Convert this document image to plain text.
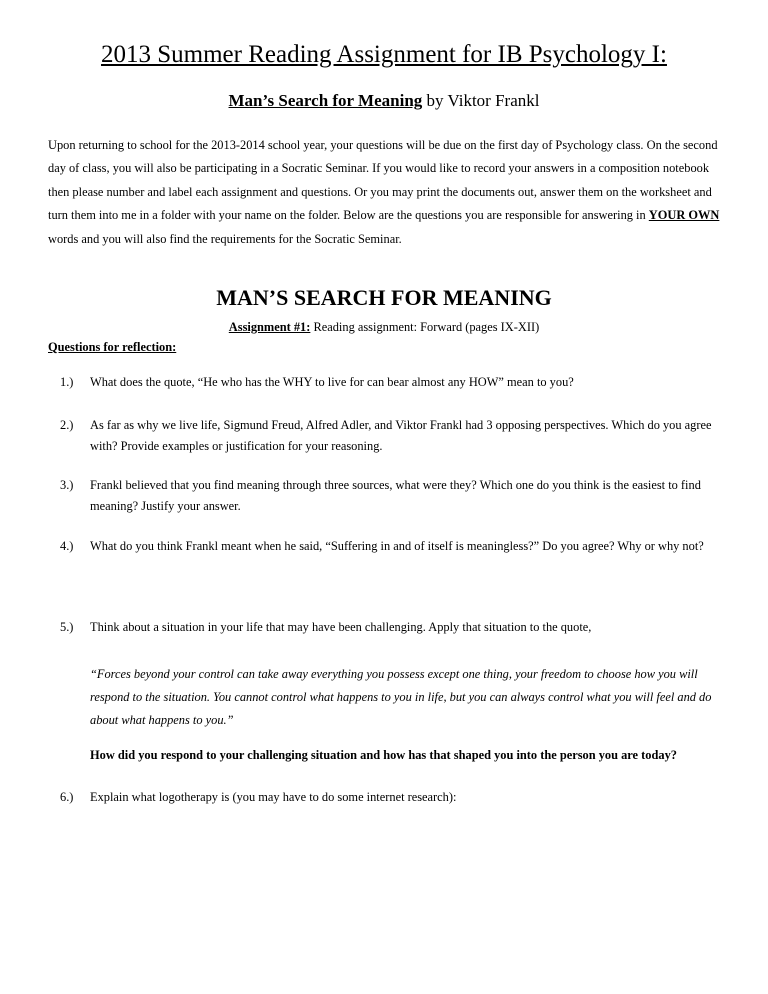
2013 Summer Reading Assignment for IB Psychology I:
Man’s Search for Meaning by Viktor Frankl
Upon returning to school for the 2013-2014 school year, your questions will be due on the first day of Psychology class. On the second day of class, you will also be participating in a Socratic Seminar. If you would like to record your answers in a composition notebook then please number and label each assignment and questions. Or you may print the documents out, answer them on the worksheet and turn them into me in a folder with your name on the folder. Below are the questions you are responsible for answering in YOUR OWN words and you will also find the requirements for the Socratic Seminar.
MAN’S SEARCH FOR MEANING
Assignment #1: Reading assignment: Forward (pages IX-XII)
Questions for reflection:
1.)	What does the quote, “He who has the WHY to live for can bear almost any HOW” mean to you?
2.)	As far as why we live life, Sigmund Freud, Alfred Adler, and Viktor Frankl had 3 opposing perspectives. Which do you agree with? Provide examples or justification for your reasoning.
3.)	Frankl believed that you find meaning through three sources, what were they? Which one do you think is the easiest to find meaning? Justify your answer.
4.)	What do you think Frankl meant when he said, “Suffering in and of itself is meaningless?” Do you agree? Why or why not?
5.)	Think about a situation in your life that may have been challenging. Apply that situation to the quote,
“Forces beyond your control can take away everything you possess except one thing, your freedom to choose how you will respond to the situation. You cannot control what happens to you in life, but you can always control what you will feel and do about what happens to you.”
How did you respond to your challenging situation and how has that shaped you into the person you are today?
6.)	Explain what logotherapy is (you may have to do some internet research):
